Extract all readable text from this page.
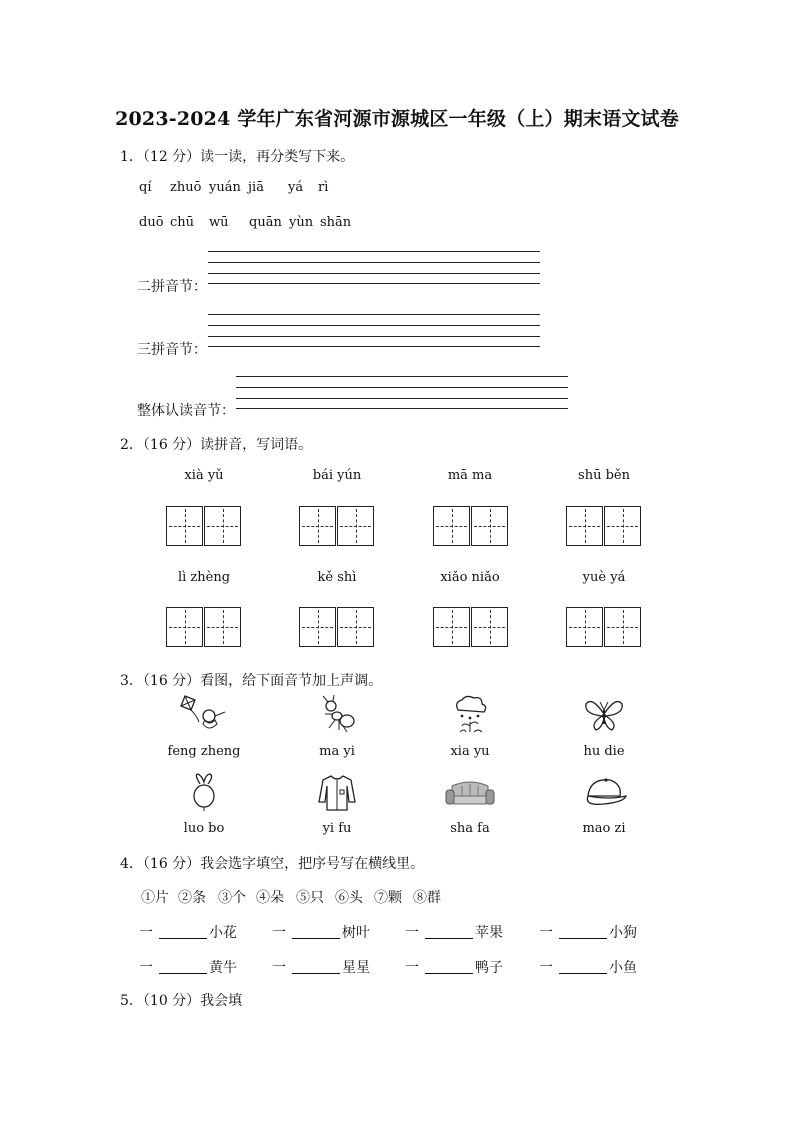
2023-2024 学年广东省河源市源城区一年级（上）期末语文试卷
1．（12 分）读一读，再分类写下来。
qí zhuō yuán jiā yá rì
duō chū wū quān yùn shān
二拼音节：
三拼音节：
整体认读音节：
2．（16 分）读拼音，写词语。
xià yǔ	bái yún	mā ma	shū běn
lì zhèng	kě shì	xiǎo niǎo	yuè yá
3．（16 分）看图，给下面音节加上声调。
feng zheng	ma yi	xia yu	hu die
luo bo	yi fu	sha fa	mao zi
4．（16 分）我会选字填空，把序号写在横线里。
①片 ②条 ③个 ④朵 ⑤只 ⑥头 ⑦颗 ⑧群
一	小花	一	树叶	一	苹果	一	小狗
一	黄牛	一	星星	一	鸭子	一	小鱼
5．（10 分）我会填
